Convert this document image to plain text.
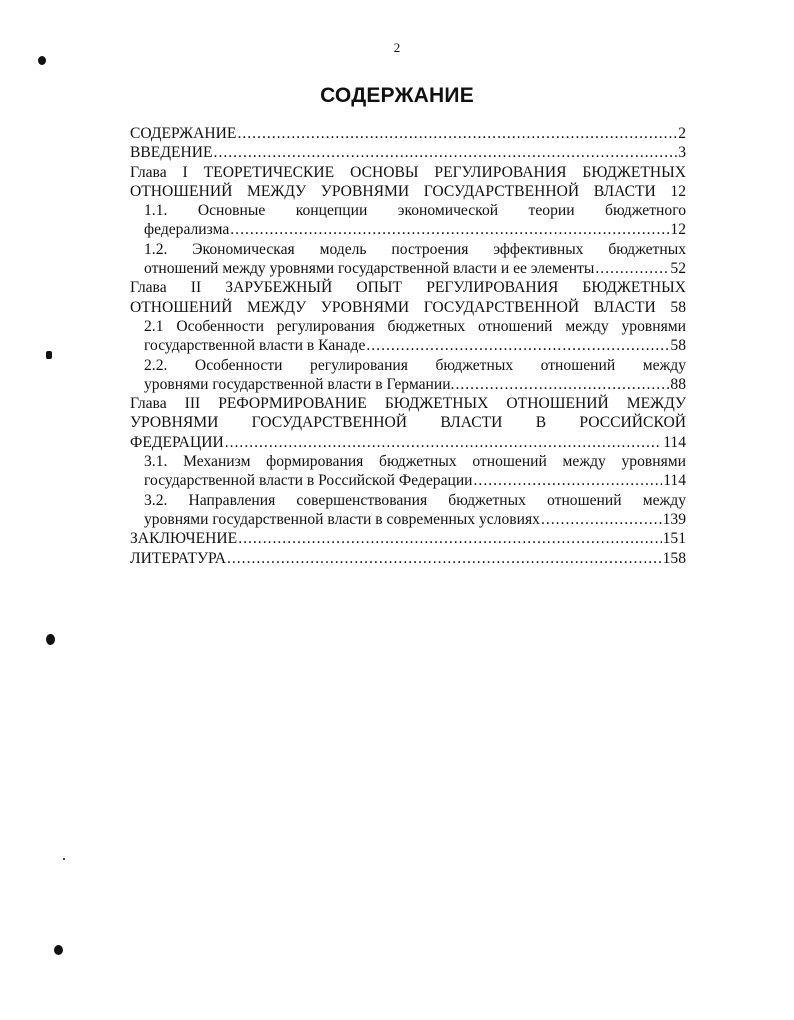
2
СОДЕРЖАНИЕ
СОДЕРЖАНИЕ .....	2
ВВЕДЕНИЕ .....	3
Глава I ТЕОРЕТИЧЕСКИЕ ОСНОВЫ РЕГУЛИРОВАНИЯ БЮДЖЕТНЫХ
ОТНОШЕНИЙ МЕЖДУ УРОВНЯМИ ГОСУДАРСТВЕННОЙ ВЛАСТИ 12
1.1. Основные концепции экономической теории бюджетного
федерализма .....	12
1.2. Экономическая модель построения эффективных бюджетных
отношений между уровнями государственной власти и ее элементы .....	52
Глава II ЗАРУБЕЖНЫЙ ОПЫТ РЕГУЛИРОВАНИЯ БЮДЖЕТНЫХ
ОТНОШЕНИЙ МЕЖДУ УРОВНЯМИ ГОСУДАРСТВЕННОЙ ВЛАСТИ 58
2.1 Особенности регулирования бюджетных отношений между уровнями
государственной власти в Канаде .....	58
2.2. Особенности регулирования бюджетных отношений между
уровнями государственной власти в Германии. .....	88
Глава III РЕФОРМИРОВАНИЕ БЮДЖЕТНЫХ ОТНОШЕНИЙ МЕЖДУ
УРОВНЯМИ ГОСУДАРСТВЕННОЙ ВЛАСТИ В РОССИЙСКОЙ
ФЕДЕРАЦИИ .....	114
3.1. Механизм формирования бюджетных отношений между уровнями
государственной власти в Российской Федерации .....	114
3.2. Направления совершенствования бюджетных отношений между
уровнями государственной власти в современных условиях .....	139
ЗАКЛЮЧЕНИЕ .....	151
ЛИТЕРАТУРА .....	158
